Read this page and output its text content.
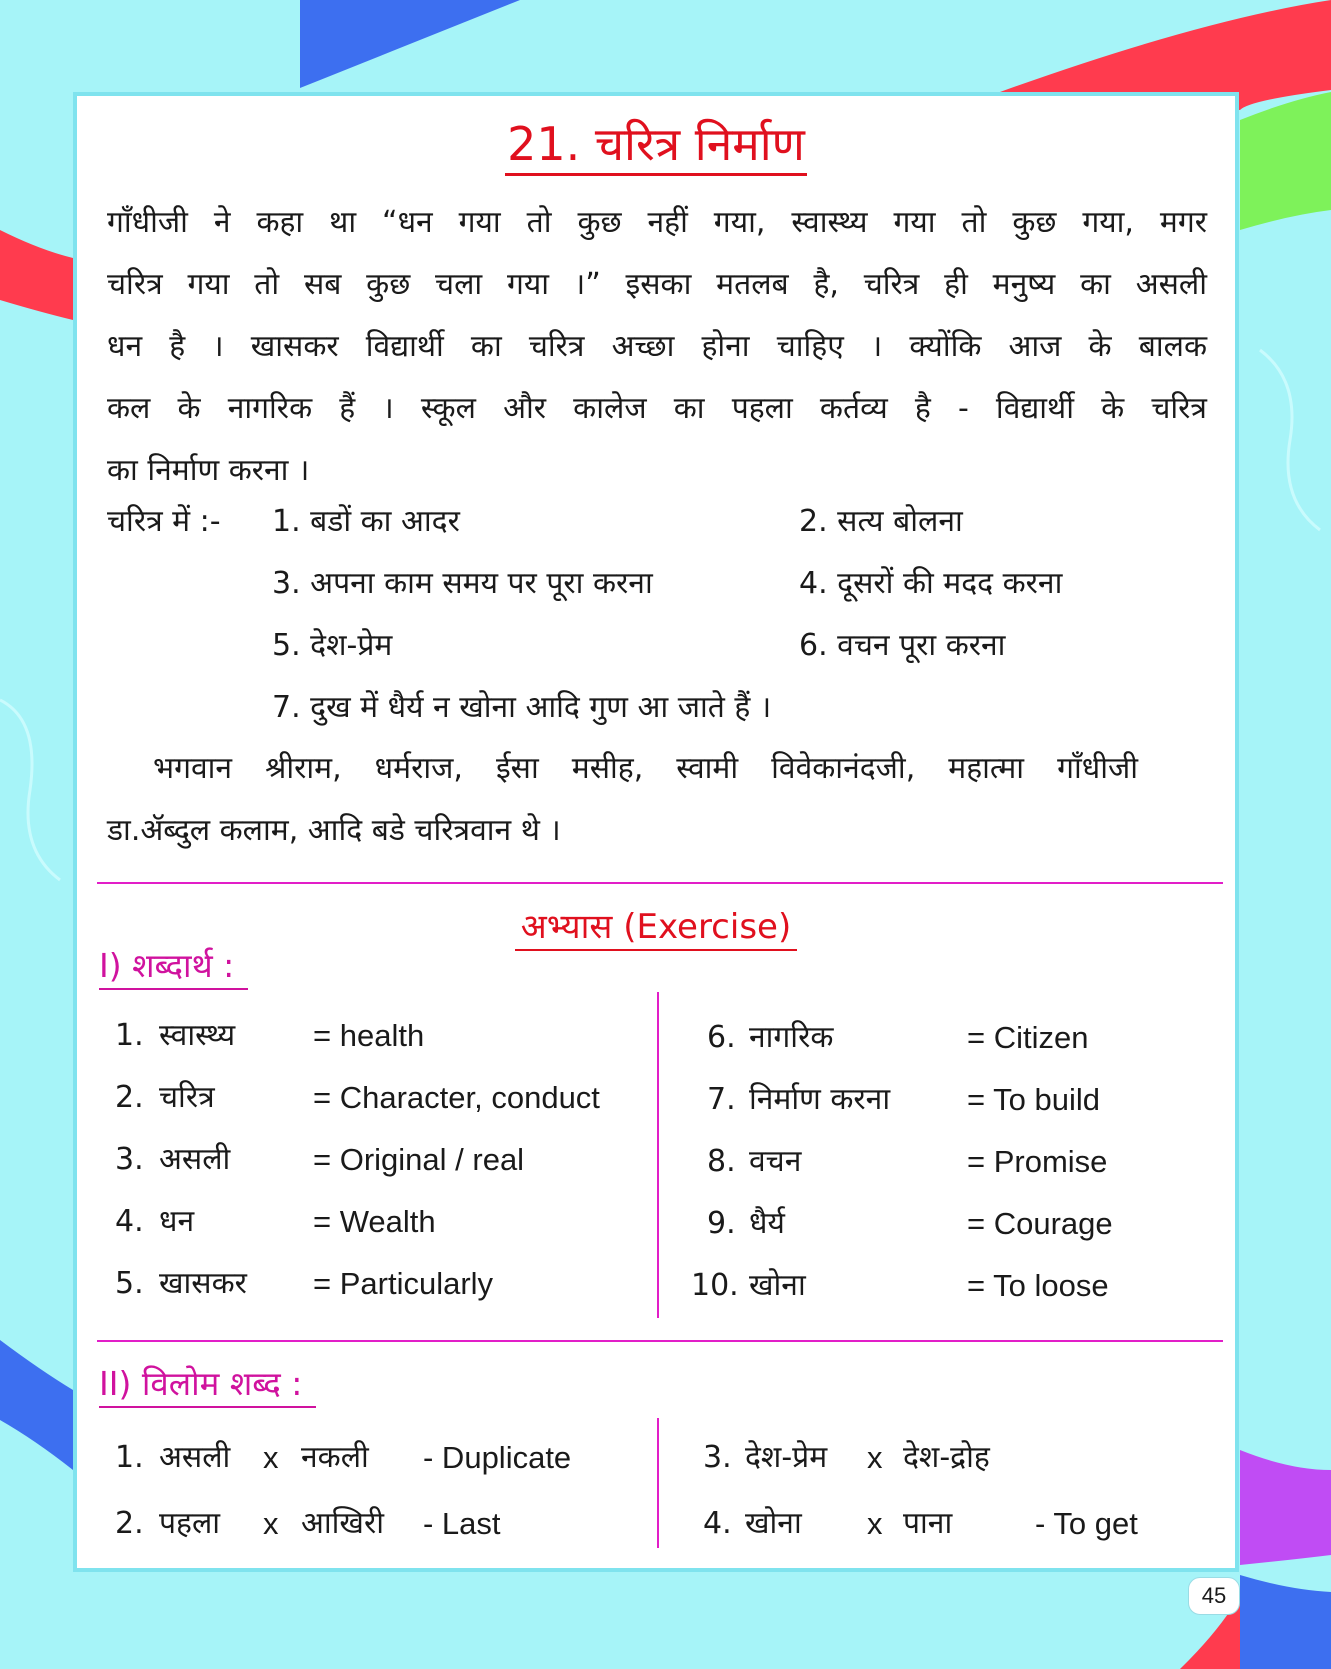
21. चरित्र निर्माण

गाँधीजी ने कहा था “धन गया तो कुछ नहीं गया, स्वास्थ्य गया तो कुछ गया, मगर

चरित्र गया तो सब कुछ चला गया ।” इसका मतलब है, चरित्र ही मनुष्य का असली

धन है । खासकर विद्यार्थी का चरित्र अच्छा होना चाहिए । क्योंकि आज के बालक

कल के नागरिक हैं । स्कूल और कालेज का पहला कर्तव्य है - विद्यार्थी के चरित्र

का निर्माण करना ।

चरित्र में :- 1. बडों का आदर	2. सत्य बोलना
3. अपना काम समय पर पूरा करना	4. दूसरों की मदद करना
5. देश-प्रेम	6. वचन पूरा करना
7. दुख में धैर्य न खोना आदि गुण आ जाते हैं ।

भगवान श्रीराम, धर्मराज, ईसा मसीह, स्वामी विवेकानंदजी, महात्मा गाँधीजी

डा.ॲब्दुल कलाम, आदि बडे चरित्रवान थे ।

अभ्यास (Exercise)
I) शब्दार्थ :
1. स्वास्थ्य	= health
2. चरित्र	= Character, conduct
3. असली	= Original / real
4. धन	= Wealth
5. खासकर = Particularly
6. नागरिक	= Citizen
7. निर्माण करना = To build
8. वचन	= Promise
9. धैर्य	= Courage
10. खोना	= To loose
II) विलोम शब्द :
1. असली x नकली - Duplicate
2. पहला x आखिरी - Last
3. देश-प्रेम x देश-द्रोह
4. खोना x पाना	- To get
45
